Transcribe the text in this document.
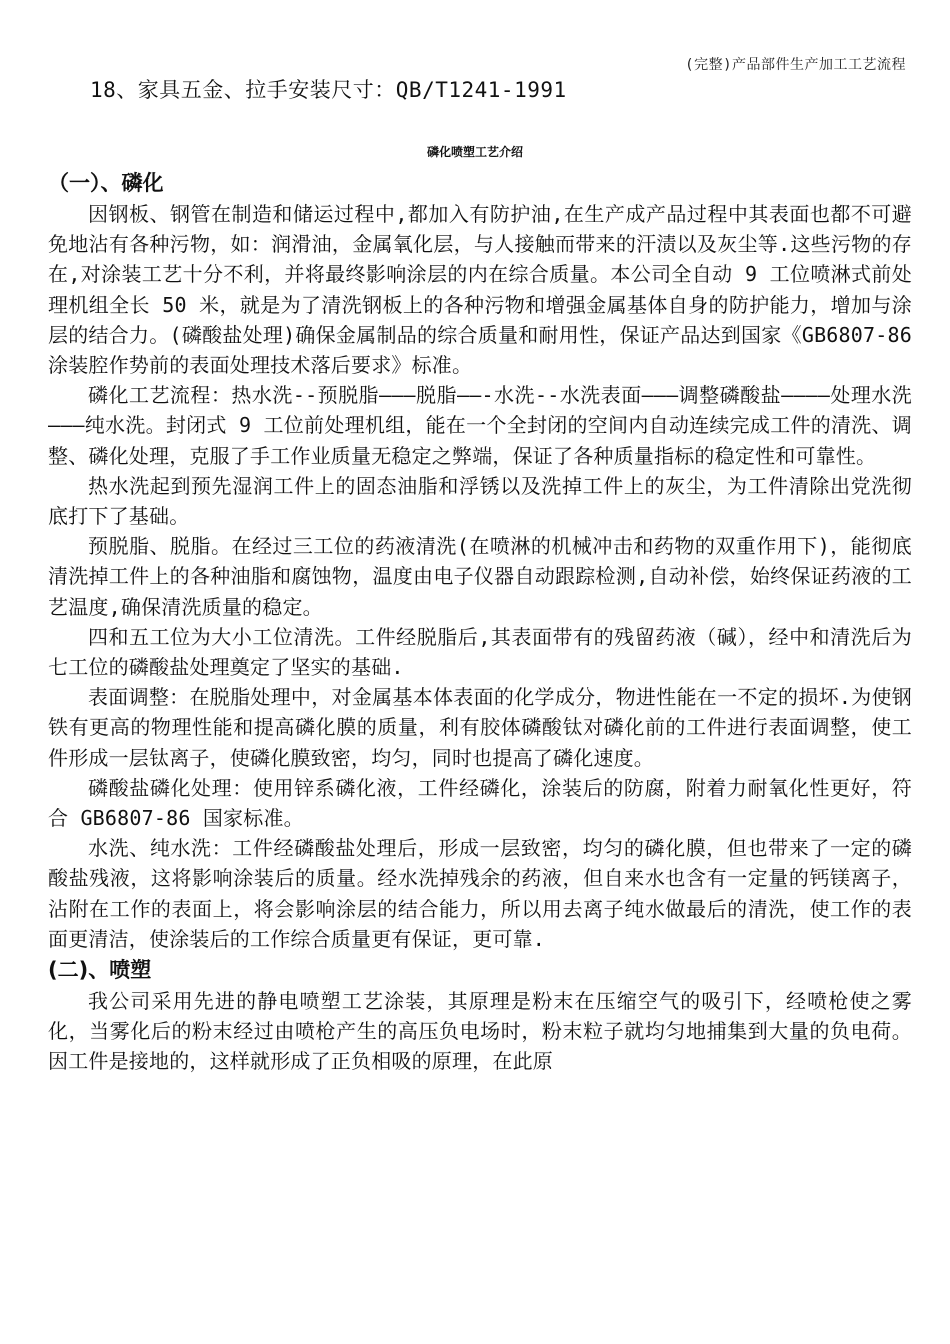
(完整)产品部件生产加工工艺流程
18、家具五金、拉手安装尺寸：QB/T1241-1991
磷化喷塑工艺介绍
（一）、磷化

因钢板、钢管在制造和储运过程中,都加入有防护油,在生产成产品过程中其表面也都不可避免地沾有各种污物，如：润滑油，金属氧化层，与人接触而带来的汗渍以及灰尘等.这些污物的存在,对涂装工艺十分不利，并将最终影响涂层的内在综合质量。本公司全自动 9 工位喷淋式前处理机组全长 50 米，就是为了清洗钢板上的各种污物和增强金属基体自身的防护能力，增加与涂层的结合力。(磷酸盐处理)确保金属制品的综合质量和耐用性，保证产品达到国家《GB6807-86 涂装腔作势前的表面处理技术落后要求》标准。

磷化工艺流程：热水洗--预脱脂———脱脂——-水洗--水洗表面———调整磷酸盐————处理水洗———纯水洗。封闭式 9 工位前处理机组，能在一个全封闭的空间内自动连续完成工件的清洗、调整、磷化处理，克服了手工作业质量无稳定之弊端，保证了各种质量指标的稳定性和可靠性。

热水洗起到预先湿润工件上的固态油脂和浮锈以及洗掉工件上的灰尘，为工件清除出党洗彻底打下了基础。

预脱脂、脱脂。在经过三工位的药液清洗(在喷淋的机械冲击和药物的双重作用下)，能彻底清洗掉工件上的各种油脂和腐蚀物，温度由电子仪器自动跟踪检测,自动补偿，始终保证药液的工艺温度,确保清洗质量的稳定。

四和五工位为大小工位清洗。工件经脱脂后,其表面带有的残留药液（碱），经中和清洗后为七工位的磷酸盐处理奠定了坚实的基础.

表面调整：在脱脂处理中，对金属基本体表面的化学成分，物进性能在一不定的损坏.为使钢铁有更高的物理性能和提高磷化膜的质量，利有胶体磷酸钛对磷化前的工件进行表面调整，使工件形成一层钛离子，使磷化膜致密，均匀，同时也提高了磷化速度。

磷酸盐磷化处理：使用锌系磷化液，工件经磷化，涂装后的防腐，附着力耐氧化性更好，符合 GB6807-86 国家标准。

水洗、纯水洗：工件经磷酸盐处理后，形成一层致密，均匀的磷化膜，但也带来了一定的磷酸盐残液，这将影响涂装后的质量。经水洗掉残余的药液，但自来水也含有一定量的钙镁离子，沾附在工作的表面上，将会影响涂层的结合能力，所以用去离子纯水做最后的清洗，使工作的表面更清洁，使涂装后的工作综合质量更有保证，更可靠.

(二)、喷塑

我公司采用先进的静电喷塑工艺涂装，其原理是粉末在压缩空气的吸引下，经喷枪使之雾化，当雾化后的粉末经过由喷枪产生的高压负电场时，粉末粒子就均匀地捕集到大量的负电荷。因工件是接地的，这样就形成了正负相吸的原理，在此原
